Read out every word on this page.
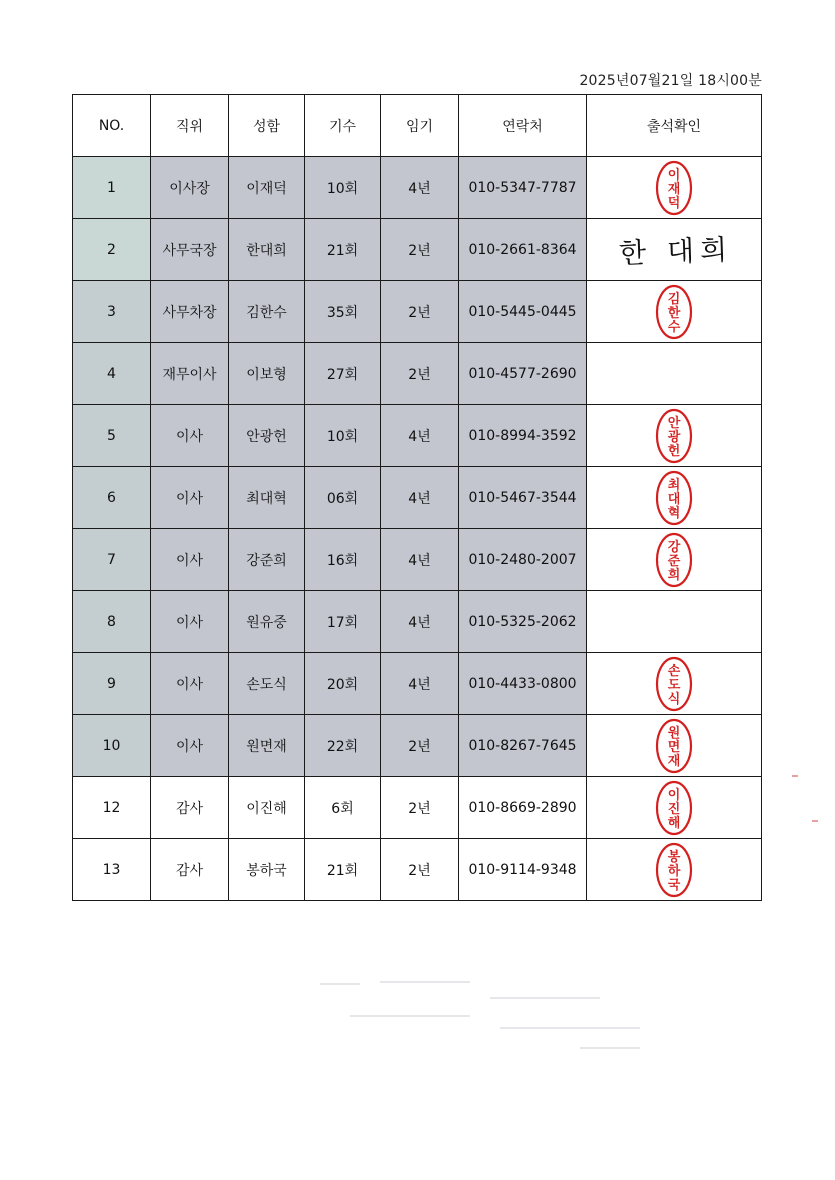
2025년07월21일 18시00분
NO.	직위	성함	기수	임기	연락처	출석확인
1	이사장	이재덕	10회	4년	010-5347-7787	이
재
덕

2	사무국장	한대희	21회	2년	010-2661-8364	한 대희
3	사무차장	김한수	35회	2년	010-5445-0445	김
한
수

4	재무이사	이보형	27회	2년	010-4577-2690	
5	이사	안광헌	10회	4년	010-8994-3592	안
광
헌

6	이사	최대혁	06회	4년	010-5467-3544	최
대
혁

7	이사	강준희	16회	4년	010-2480-2007	강
준
희

8	이사	원유중	17회	4년	010-5325-2062	
9	이사	손도식	20회	4년	010-4433-0800	손
도
식

10	이사	원면재	22회	2년	010-8267-7645	원
면
재

12	감사	이진해	6회	2년	010-8669-2890	이
진
해

13	감사	봉하국	21회	2년	010-9114-9348	봉
하
국
